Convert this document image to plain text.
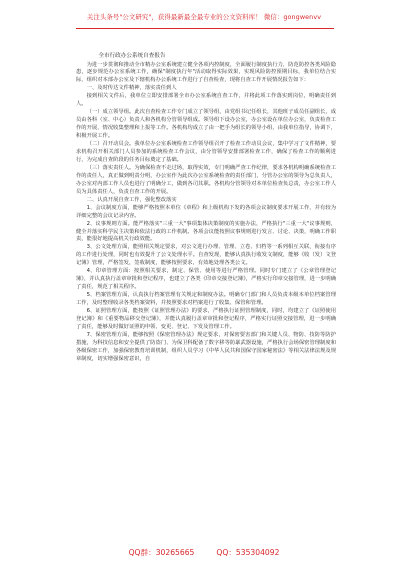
关注头条号"公文研究"，获得最新最全最专业的公文资料库！ 微信：gongwenvv
全市行政办公系统自查报告

为进一步贯彻和推动全市精办公室系统建立健全各项内控制度，全面履行制度执行力，防范防控各类风险隐患，逐步规范办公室系统工作，确保"制度执行年"活动取得实际效果，实现风险防控预期目标，我单位结合实际，组织对本部办公室及下辖机构办公系统工作进行了自查检查，现将自查工作开展情况报告如下：

一、及时传达文件精神，落实责任到人

接到相关文件后，我单位立即安排部署全市办公室系统自查工作，并将此项工作落实到岗位，明确责任到人。

（一）成立领导组。此次自查检查工作专门成立了领导组，由党组书记任组长，其他班子成员任副组长，成员由各科（室、中心）负责人和各机构分管领导组成。领导组下设办公室，办公室设在单位办公室，负责检查工作的开展、情况收集整理和上报等工作。各机构均成立了由一把手为组长的领导小组，由我单位指导，协调下，积极开展工作。

（二）召开动员会。我单位办公室系统检查工作领导组召开了检查工作动员会议，集中学习了文件精神，要求机构召开相关部门人员参加的系统检查工作会议，由分管领导安排部署检查工作，确保了检查工作的顺利进行，为完成自查阶段的任务目标奠定了基础。

（三）落实责任人。为确保检查不走过场，取得实效，专门明确严查工作纪律，要求各机构明确系统检查工作的责任人，真正做到明责分明，办公室作为此次办公室系统检查的责任部门，分管办公室的领导为总负责人，办公室对内部工作人员也进行了明确分工，做到各司其职。各机构分管领导对本单位检查负总责，办公室工作人员为具体责任人，负责自查工作的开展。

二、认真开展自查工作，强化整改落实

1、会议制度方面，能够严格按照本单位《章程》和上级机构下发的各项会议制度要求开展工作，并有较为详细完整的会议记录内容。

2、议事规则方面。能严格落实"三重一大"事项集体决策制度的实施办法，严格执行"三重一大"议事规则，健全并落实科学民主决策和依法行政的工作机制。各项会议能按照议事规则进行发言、讨论、决策，明确工作职责，能很好地提高机关行政效能。

3、公文处理方面，能照相关规定要求，对公文进行办理、管理、立卷、归档等一系列相互关联，衔接有序的工作进行处理，同时也有效提升了公文处理水平。自查发现，能够认真执行收发文制度，能够《收（发）文登记簿》管理，严格签发，签收制度，能够按照要求，有效地处理各类公文。

4、印章管理方面：按照相关要求，制定、保管、使用等进行严格管理。同时专门建立了《公章管理登记簿》，并认真执行盖章审批和登记程序，也建立了各类《印章交接登记簿》，严格实行印章交接管理，进一步明确了责任，规范了相关程序。

5、档案管理方面，认真执行档案管理有关规定和制度办法。明确专门部门和人员负责本级本单位档案管理工作，及时整理收录各类档案资料，并按照要求对档案进行了收集、保管和管理。

6、证照管理方面，能按照《证照管理办法》的要求，严格执行证照管理制度，同时，均建立了《证照使用登记簿》和《重要物品移交登记簿》，并能认真履行盖章审批和登记程序，严格实行证照交接管理，进一步明确了责任，能够及时做好证照的申领、变更、登记、下发及管理工作。

7、保密管理方面，能够按照《保密管理办法》规定要求，对保密要害部门和关键人员、物防、技防等防护措施，为科技信息和安全提供了防盗门、为保卫科配备了数字移等防暴武器设施，严格执行会场保密管理制度和各级保密工作，加强保密教育培训机制，组织人员学习《中华人民共和国保守国家秘密法》等相关法律法规及规章制度，切实增强保密意识，自

QQ群：30265665	QQ：535304092
